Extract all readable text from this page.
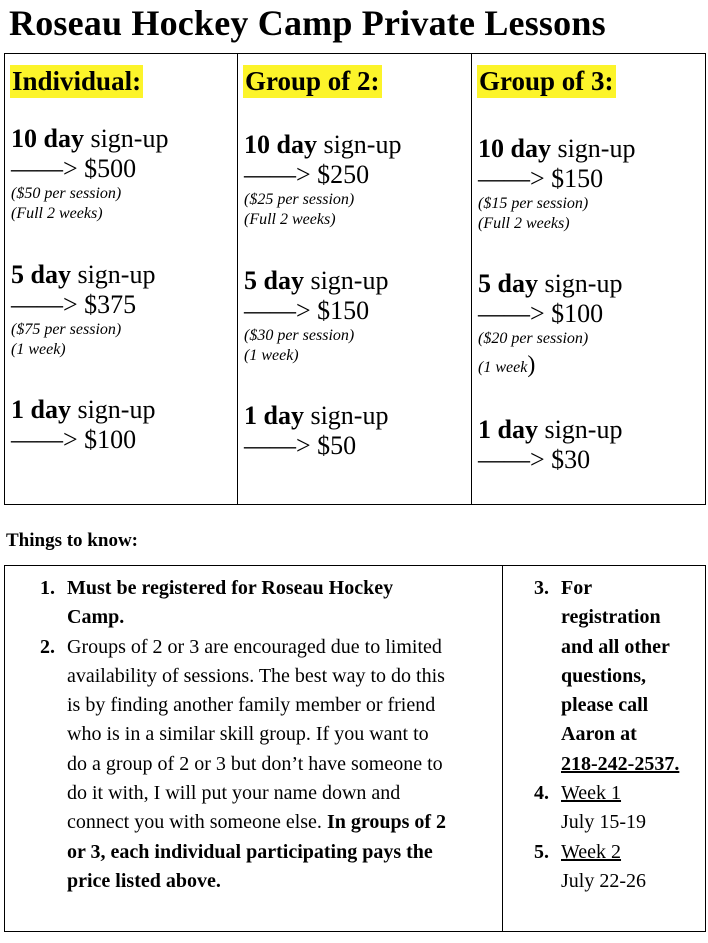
Roseau Hockey Camp Private Lessons
Individual:
10 day sign-up
——> $500
($50 per session)
(Full 2 weeks)
5 day sign-up
——> $375
($75 per session)
(1 week)
1 day sign-up
——> $100
Group of 2:
10 day sign-up
——> $250
($25 per session)
(Full 2 weeks)
5 day sign-up
——> $150
($30 per session)
(1 week)
1 day sign-up
——> $50
Group of 3:
10 day sign-up
——> $150
($15 per session)
(Full 2 weeks)
5 day sign-up
——> $100
($20 per session)
(1 week)
1 day sign-up
——> $30
Things to know:
1. Must be registered for Roseau Hockey
Camp.
2. Groups of 2 or 3 are encouraged due to limited
availability of sessions. The best way to do this
is by finding another family member or friend
who is in a similar skill group. If you want to
do a group of 2 or 3 but don’t have someone to
do it with, I will put your name down and
connect you with someone else. In groups of 2
or 3, each individual participating pays the
price listed above.
3. For
registration
and all other
questions,
please call
Aaron at
218-242-2537.
4. Week 1
July 15-19
5. Week 2
July 22-26
